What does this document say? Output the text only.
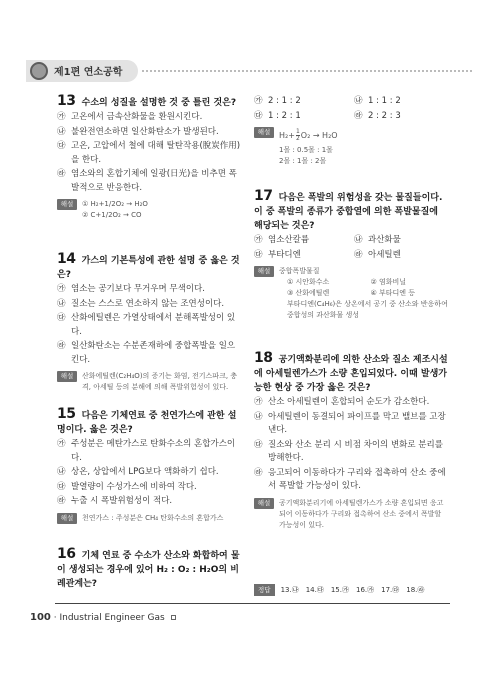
제1편 연소공학
13 수소의 성질을 설명한 것 중 틀린 것은?
㉮ 고온에서 금속산화물을 환원시킨다.
㉯ 불완전연소하면 일산화탄소가 발생된다.
㉰ 고온, 고압에서 철에 대해 탈탄작용(脫炭作用)을 한다.
㉱ 염소와의 혼합기체에 일광(日光)을 비추면 폭발적으로 반응한다.
해설	① H₂+1/2O₂ → H₂O
② C+1/2O₂ → CO
14 가스의 기본특성에 관한 설명 중 옳은 것은?
㉮ 염소는 공기보다 무거우며 무색이다.
㉯ 질소는 스스로 연소하지 않는 조연성이다.
㉰ 산화에틸렌은 가열상태에서 분해폭발성이 있다.
㉱ 일산화탄소는 수분존재하에 중합폭발을 일으킨다.
해설	산화에틸렌(C₂H₄O)의 증기는 화염, 전기스파크, 충격, 아세틸 등의 분해에 의해 폭발위험성이 있다.
15 다음은 기체연료 중 천연가스에 관한 설명이다. 옳은 것은?
㉮ 주성분은 메탄가스로 탄화수소의 혼합가스이다.
㉯ 상온, 상압에서 LPG보다 액화하기 쉽다.
㉰ 발열량이 수성가스에 비하여 작다.
㉱ 누출 시 폭발위험성이 적다.
해설	천연가스 : 주성분은 CH₄ 탄화수소의 혼합가스
16 기체 연료 중 수소가 산소와 화합하여 물이 생성되는 경우에 있어 H₂ : O₂ : H₂O의 비례관계는?
㉮ 2 : 1 : 2	㉯ 1 : 1 : 2
㉰ 1 : 2 : 1	㉱ 2 : 2 : 3
해설	$H_2+ \frac{1}{2} O_2 \to H_2O$
1몰 : 0.5몰 : 1몰
2몰 : 1몰 : 2몰
17 다음은 폭발의 위험성을 갖는 물질들이다. 이 중 폭발의 종류가 중합열에 의한 폭발물질에 해당되는 것은?
㉮ 염소산칼륨	㉯ 과산화물
㉰ 부타디엔	㉱ 아세틸렌
해설	중합폭발물질
① 시안화수소	② 염화비닐
③ 산화에틸렌	④ 부타디엔 등
부타디엔(C₄H₆)은 상온에서 공기 중 산소와 반응하여 중합성의 과산화물 생성
18 공기액화분리에 의한 산소와 질소 제조시설에 아세틸렌가스가 소량 혼입되었다. 이때 발생가능한 현상 중 가장 옳은 것은?
㉮ 산소 아세틸렌이 혼합되어 순도가 감소한다.
㉯ 아세틸렌이 동결되어 파이프를 막고 밸브를 고장낸다.
㉰ 질소와 산소 분리 시 비점 차이의 변화로 분리를 방해한다.
㉱ 응고되어 이동하다가 구리와 접촉하여 산소 중에서 폭발할 가능성이 있다.
해설	공기액화분리기에 아세틸렌가스가 소량 혼입되면 응고되어 이동하다가 구리와 접촉하여 산소 중에서 폭발할 가능성이 있다.
정답	13.㉯ 14.㉰ 15.㉮ 16.㉮ 17.㉰ 18.㉱
100 · Industrial Engineer Gas
